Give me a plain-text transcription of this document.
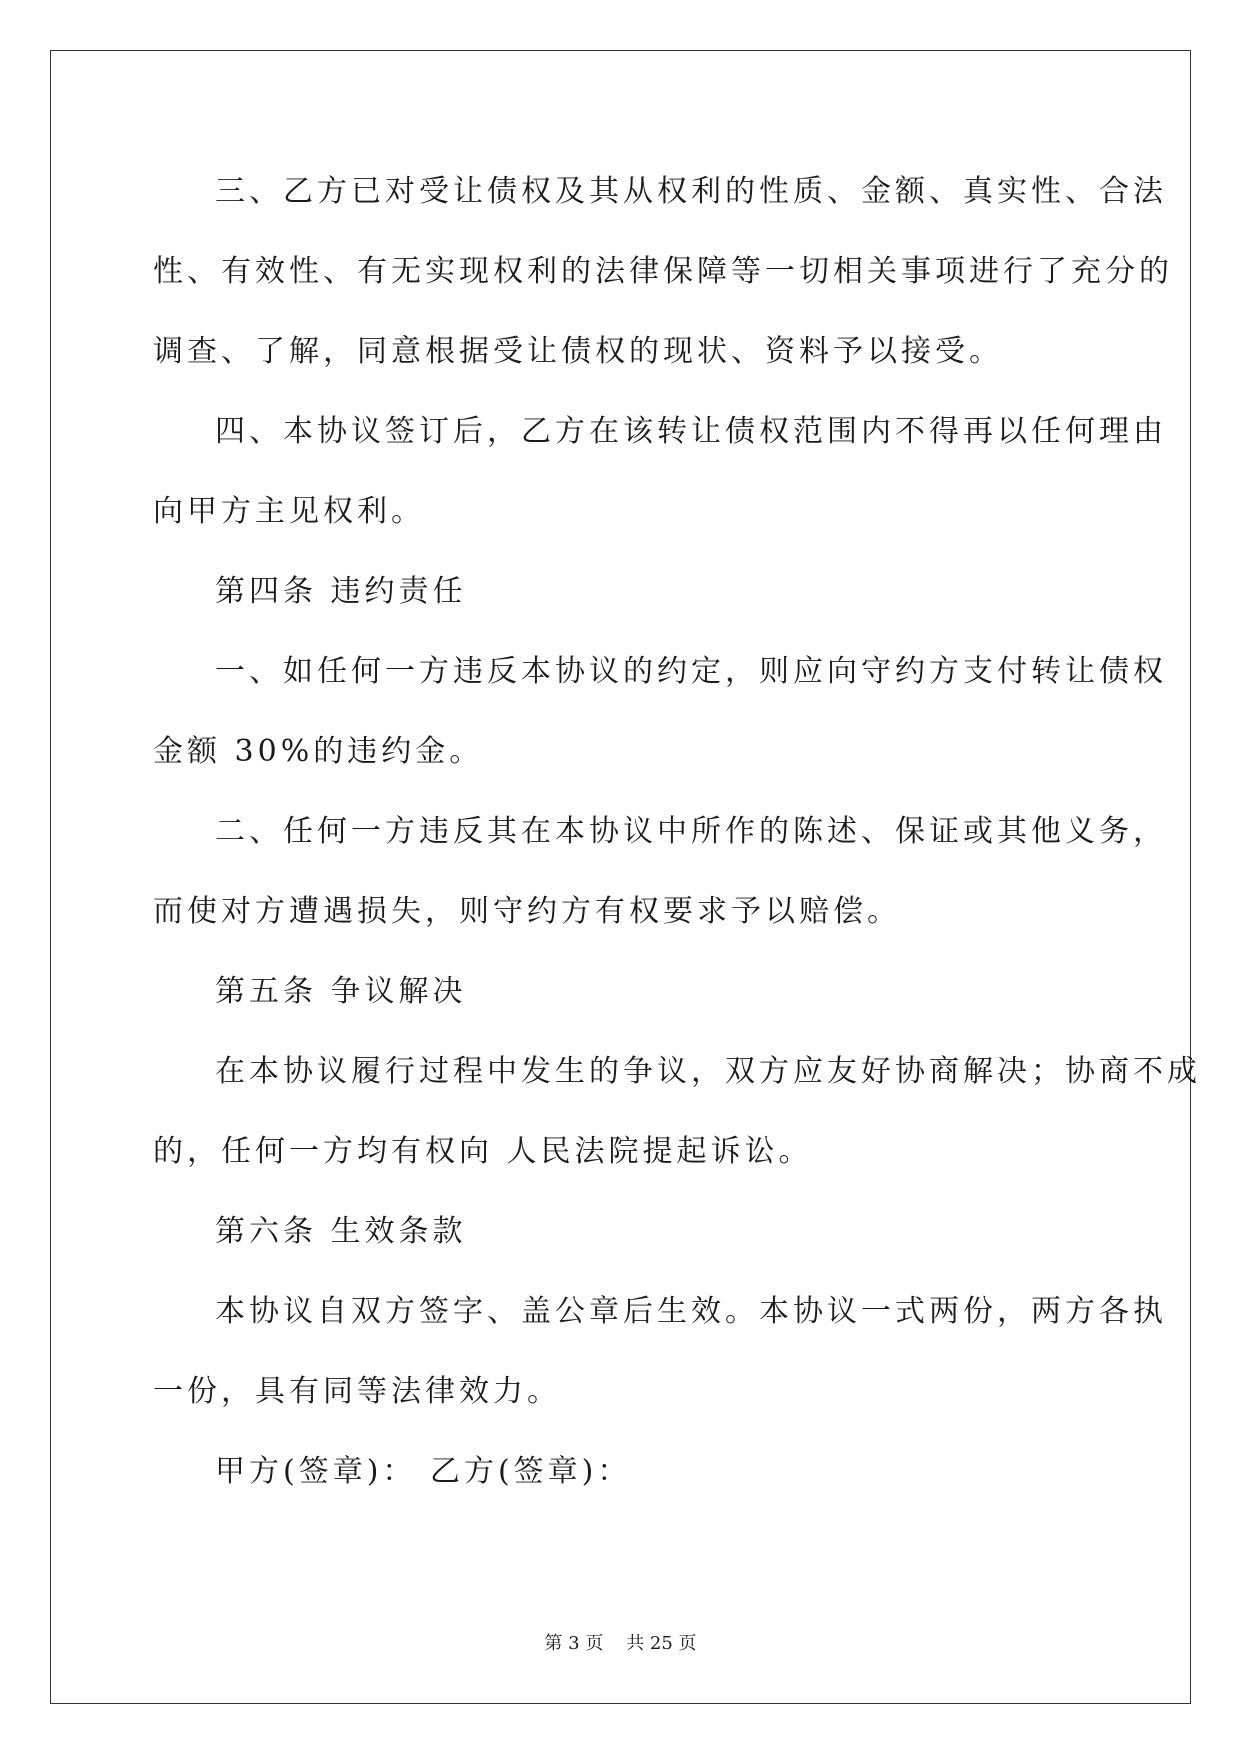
三、乙方已对受让债权及其从权利的性质、金额、真实性、合法
性、有效性、有无实现权利的法律保障等一切相关事项进行了充分的
调查、了解，同意根据受让债权的现状、资料予以接受。
四、本协议签订后，乙方在该转让债权范围内不得再以任何理由
向甲方主见权利。
第四条 违约责任
一、如任何一方违反本协议的约定，则应向守约方支付转让债权
金额 30%的违约金。
二、任何一方违反其在本协议中所作的陈述、保证或其他义务，
而使对方遭遇损失，则守约方有权要求予以赔偿。
第五条 争议解决
在本协议履行过程中发生的争议，双方应友好协商解决；协商不成
的，任何一方均有权向 人民法院提起诉讼。
第六条 生效条款
本协议自双方签字、盖公章后生效。本协议一式两份，两方各执
一份，具有同等法律效力。
甲方(签章)： 乙方(签章)：
第 3 页    共 25 页
